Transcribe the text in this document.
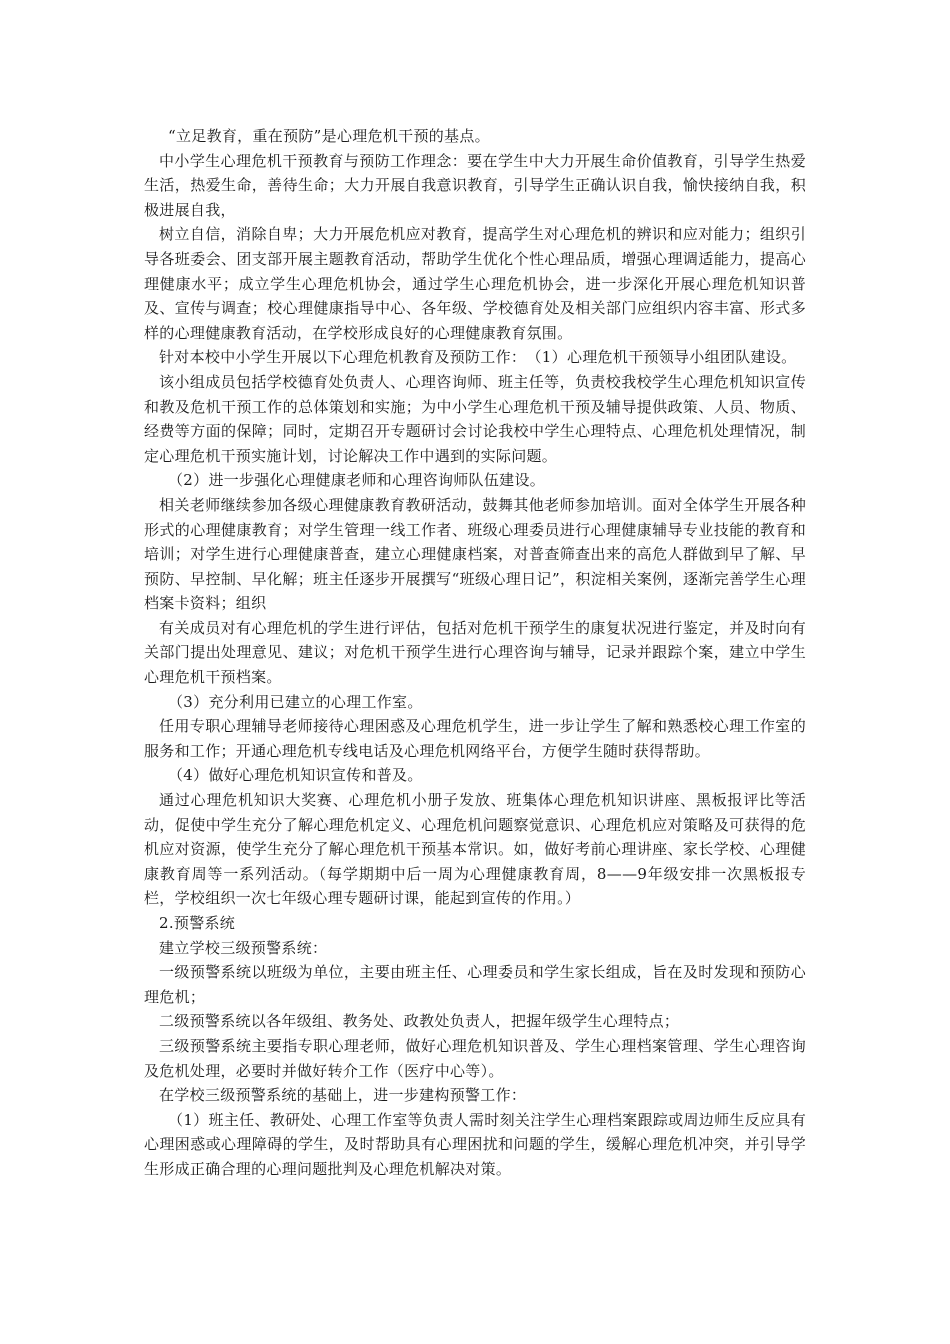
“立足教育，重在预防”是心理危机干预的基点。

中小学生心理危机干预教育与预防工作理念：要在学生中大力开展生命价值教育，引导学生热爱生活，热爱生命，善待生命；大力开展自我意识教育，引导学生正确认识自我，愉快接纳自我，积极进展自我，

树立自信，消除自卑；大力开展危机应对教育，提高学生对心理危机的辨识和应对能力；组织引导各班委会、团支部开展主题教育活动，帮助学生优化个性心理品质，增强心理调适能力，提高心理健康水平；成立学生心理危机协会，通过学生心理危机协会，进一步深化开展心理危机知识普及、宣传与调查；校心理健康指导中心、各年级、学校德育处及相关部门应组织内容丰富、形式多样的心理健康教育活动，在学校形成良好的心理健康教育氛围。

针对本校中小学生开展以下心理危机教育及预防工作：　（1）心理危机干预领导小组团队建设。

该小组成员包括学校德育处负责人、心理咨询师、班主任等，负责校我校学生心理危机知识宣传和教及危机干预工作的总体策划和实施；为中小学生心理危机干预及辅导提供政策、人员、物质、经费等方面的保障；同时，定期召开专题研讨会讨论我校中学生心理特点、心理危机处理情况，制定心理危机干预实施计划，讨论解决工作中遇到的实际问题。

（2）进一步强化心理健康老师和心理咨询师队伍建设。

相关老师继续参加各级心理健康教育教研活动，鼓舞其他老师参加培训。面对全体学生开展各种形式的心理健康教育；对学生管理一线工作者、班级心理委员进行心理健康辅导专业技能的教育和培训；对学生进行心理健康普查，建立心理健康档案，对普查筛查出来的高危人群做到早了解、早预防、早控制、早化解；班主任逐步开展撰写“班级心理日记”，积淀相关案例，逐渐完善学生心理档案卡资料；组织

有关成员对有心理危机的学生进行评估，包括对危机干预学生的康复状况进行鉴定，并及时向有关部门提出处理意见、建议；对危机干预学生进行心理咨询与辅导，记录并跟踪个案，建立中学生心理危机干预档案。

（3）充分利用已建立的心理工作室。

任用专职心理辅导老师接待心理困惑及心理危机学生，进一步让学生了解和熟悉校心理工作室的服务和工作；开通心理危机专线电话及心理危机网络平台，方便学生随时获得帮助。

（4）做好心理危机知识宣传和普及。

通过心理危机知识大奖赛、心理危机小册子发放、班集体心理危机知识讲座、黑板报评比等活动，促使中学生充分了解心理危机定义、心理危机问题察觉意识、心理危机应对策略及可获得的危机应对资源，使学生充分了解心理危机干预基本常识。如，做好考前心理讲座、家长学校、心理健康教育周等一系列活动。（每学期期中后一周为心理健康教育周，8——9年级安排一次黑板报专栏，学校组织一次七年级心理专题研讨课，能起到宣传的作用。）

2.预警系统

建立学校三级预警系统：

一级预警系统以班级为单位，主要由班主任、心理委员和学生家长组成，旨在及时发现和预防心理危机；

二级预警系统以各年级组、教务处、政教处负责人，把握年级学生心理特点；

三级预警系统主要指专职心理老师，做好心理危机知识普及、学生心理档案管理、学生心理咨询及危机处理，必要时并做好转介工作（医疗中心等）。

在学校三级预警系统的基础上，进一步建构预警工作：

（1）班主任、教研处、心理工作室等负责人需时刻关注学生心理档案跟踪或周边师生反应具有心理困惑或心理障碍的学生，及时帮助具有心理困扰和问题的学生，缓解心理危机冲突，并引导学生形成正确合理的心理问题批判及心理危机解决对策。
